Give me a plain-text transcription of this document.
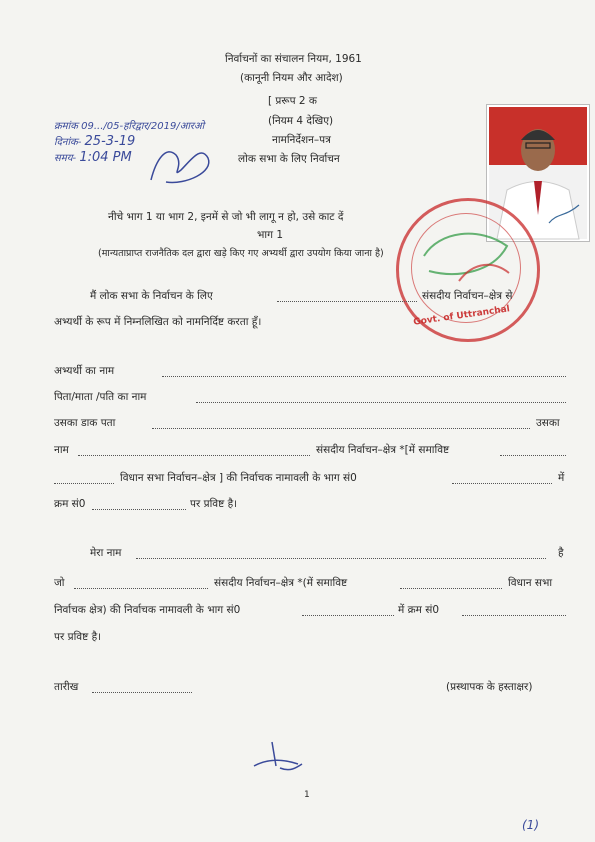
निर्वाचनों का संचालन नियम, 1961
(कानूनी नियम और आदेश)
[ प्ररूप 2 क
(नियम 4 देखिए)
नामनिर्देशन–पत्र
लोक सभा के लिए निर्वाचन
क्रमांक 09.../05-हरिद्वार/2019/आरओ
दिनांक- 25-3-19
समय- 1:04 PM
Govt. of Uttranchal
नीचे भाग 1 या भाग 2, इनमें से जो भी लागू न हो, उसे काट दें
भाग 1
(मान्यताप्राप्त राजनैतिक दल द्वारा खड़े किए गए अभ्यर्थी द्वारा उपयोग किया जाना है)
मैं लोक सभा के निर्वाचन के लिए	संसदीय निर्वाचन–क्षेत्र से
अभ्यर्थी के रूप में निम्नलिखित को नामनिर्दिष्ट करता हूँ।
अभ्यर्थी का नाम
पिता/माता /पति का नाम
उसका डाक पता	उसका
नाम	संसदीय निर्वाचन–क्षेत्र *[में समाविष्ट
विधान सभा निर्वाचन–क्षेत्र ] की निर्वाचक नामावली के भाग सं0	में
क्रम सं0	पर प्रविष्ट है।
मेरा नाम	है
जो	संसदीय निर्वाचन–क्षेत्र *(में समाविष्ट	विधान सभा
निर्वाचक क्षेत्र) की निर्वाचक नामावली के भाग सं0	में क्रम सं0
पर प्रविष्ट है।
तारीख	(प्रस्थापक के हस्ताक्षर)
1
(1)
